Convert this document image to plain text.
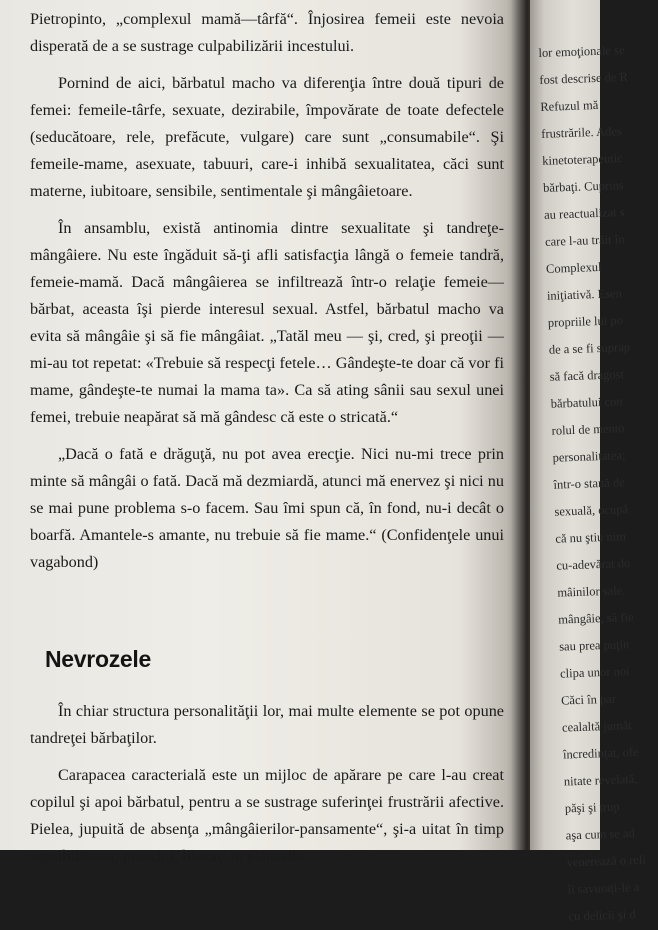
Pietropinto, „complexul mamă—târfă“. Înjosirea femeii este nevoia disperată de a se sustrage culpabilizării incestului.

Pornind de aici, bărbatul macho va diferenţia între două tipuri de femei: femeile-târfe, sexuate, dezirabile, împovărate de toate defectele (seducătoare, rele, prefăcute, vulgare) care sunt „consumabile“. Şi femeile-mame, asexuate, tabuuri, care-i inhibă sexualitatea, căci sunt materne, iubitoare, sensibile, sentimentale şi mângâietoare.

În ansamblu, există antinomia dintre sexualitate şi tandreţe-mângâiere. Nu este îngăduit să-ţi afli satisfacţia lângă o femeie tandră, femeie-mamă. Dacă mângâierea se infiltrează într-o relaţie femeie—bărbat, aceasta îşi pierde interesul sexual. Astfel, bărbatul macho va evita să mângâie şi să fie mângâiat. „Tatăl meu — şi, cred, şi preoţii — mi-au tot repetat: «Trebuie să respecţi fetele… Gândeşte-te doar că vor fi mame, gândeşte-te numai la mama ta». Ca să ating sânii sau sexul unei femei, trebuie neapărat să mă gândesc că este o stricată.“

„Dacă o fată e drăguţă, nu pot avea erecţie. Nici nu-mi trece prin minte să mângâi o fată. Dacă mă dezmiardă, atunci mă enervez şi nici nu se mai pune problema s-o facem. Sau îmi spun că, în fond, nu-i decât o boarfă. Amantele-s amante, nu trebuie să fie mame.“ (Confidenţele unui vagabond)

Nevrozele

În chiar structura personalităţii lor, mai multe elemente se pot opune tandreţei bărbaţilor.

Carapacea caracterială este un mijloc de apărare pe care l-au creat copilul şi apoi bărbatul, pentru a se sustrage suferinţei frustrării afective. Pielea, jupuită de absenţa „mângâierilor-pansamente“, şi-a uitat în timp sensibilitatea; muşchii, blocaţi în elanurile

lor emoţionale se
fost descrise de R
Refuzul mă
frustrările. Ades
kinetoterapeutic
bărbaţi. Cuprins
au reactualizat s
care l-au trăit în
Complexul
iniţiativă. Esen
propriile lui po
de a se fi suprap
să facă dragost
bărbatului con
rolul de mento
personalitatea;
într-o stană de
sexuală, ocupă
că nu ştiu nim
cu-adevărat do
mâinilor sale.
mângâie, să fie
sau prea puţin
clipa unor noi
Căci în par
cealaltă jumăt
încredinţat, ofe
nitate revelată,
păşi şi trup
aşa cum se ad
venerează o reli
îi savurați-le a
cu delicii şi d
